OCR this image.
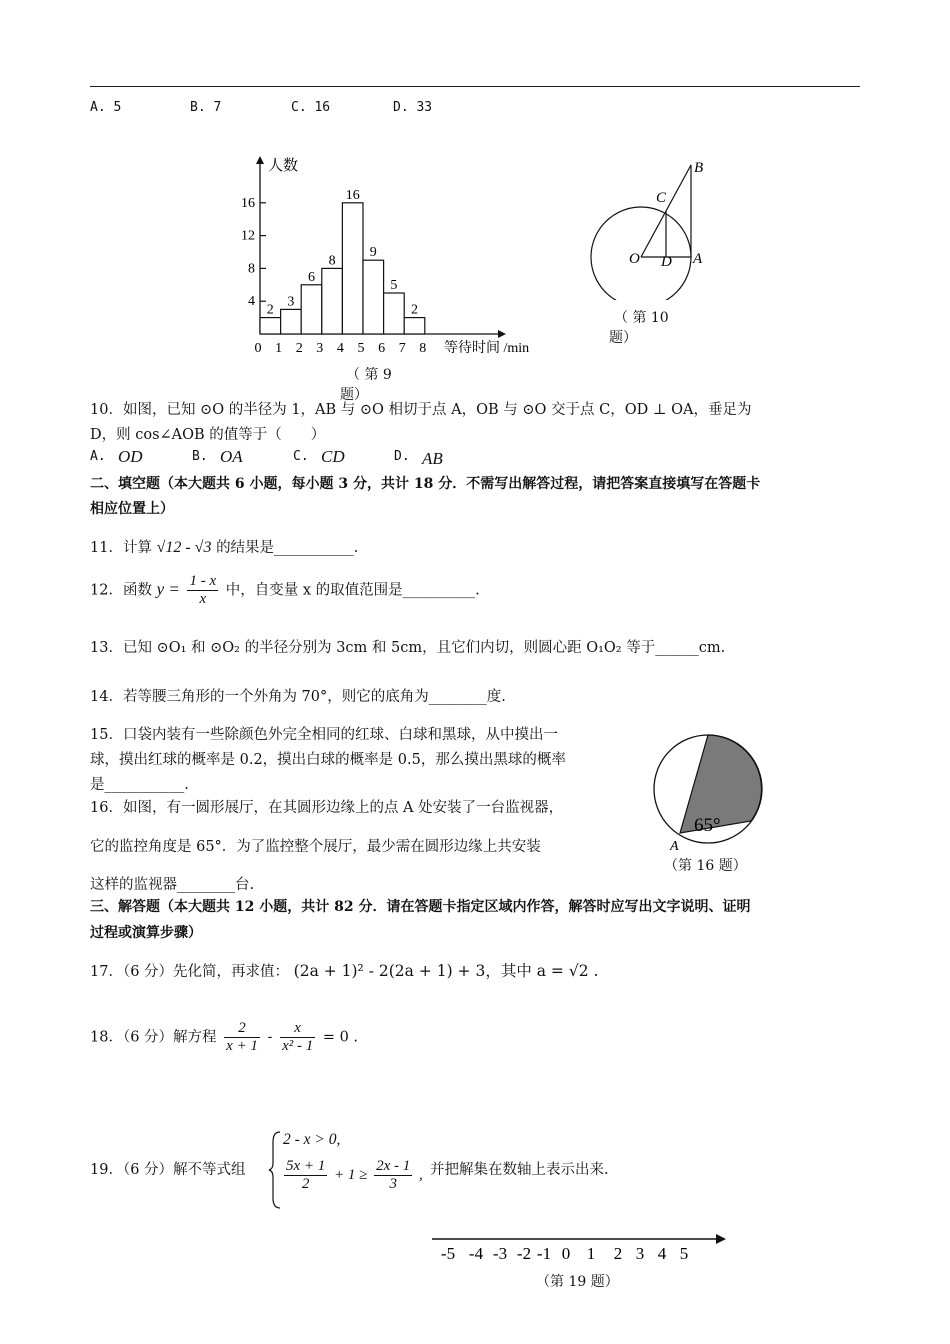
A. 5	B. 7	C. 16	D. 33
人数
等待时间 /min
2
3
6
8
16
9
5
2
0 1 2 3 4 5 6 7 8
4
8
12
16
（ 第 9
题）
B
C
O D A
（ 第 10
题）
10．如图，已知 ⊙O 的半径为 1，AB 与 ⊙O 相切于点 A，OB 与 ⊙O 交于点 C，OD ⊥ OA，垂足为
D，则 cos∠AOB 的值等于（　　）
A. OD	B. OA	C. CD	D. AB
二、填空题（本大题共 6 小题，每小题 3 分，共计 18 分．不需写出解答过程，请把答案直接填写在答题卡
相应位置上）
11．计算 √12 - √3 的结果是___________.
12．函数 $y = \frac{1 - x}{x}$ 中，自变量 x 的取值范围是__________.
13．已知 ⊙O₁ 和 ⊙O₂ 的半径分别为 3cm 和 5cm，且它们内切，则圆心距 O₁O₂ 等于______cm.
14．若等腰三角形的一个外角为 70°，则它的底角为________度.
15．口袋内装有一些除颜色外完全相同的红球、白球和黑球，从中摸出一
球，摸出红球的概率是 0.2，摸出白球的概率是 0.5，那么摸出黑球的概率
是___________.
16．如图，有一圆形展厅，在其圆形边缘上的点 A 处安装了一台监视器，
它的监控角度是 65°．为了监控整个展厅，最少需在圆形边缘上共安装
这样的监视器________台.
65°
A
（第 16 题）
三、解答题（本大题共 12 小题，共计 82 分．请在答题卡指定区域内作答，解答时应写出文字说明、证明
过程或演算步骤）
17．（6 分）先化简，再求值： (2a + 1)² - 2(2a + 1) + 3，其中 a = √2 .
18．（6 分）解方程 $\frac{2}{x + 1} - \frac{x}{\text{x² - 1}} = 0$ .
19．（6 分）解不等式组
2 - x > 0,
$\frac{5x + 1}{2} + 1 \ge \frac{2x - 1}{3}$ , 并把解集在数轴上表示出来.
-5 -4 -3 -2 -1 0 1 2 3 4 5
（第 19 题）
